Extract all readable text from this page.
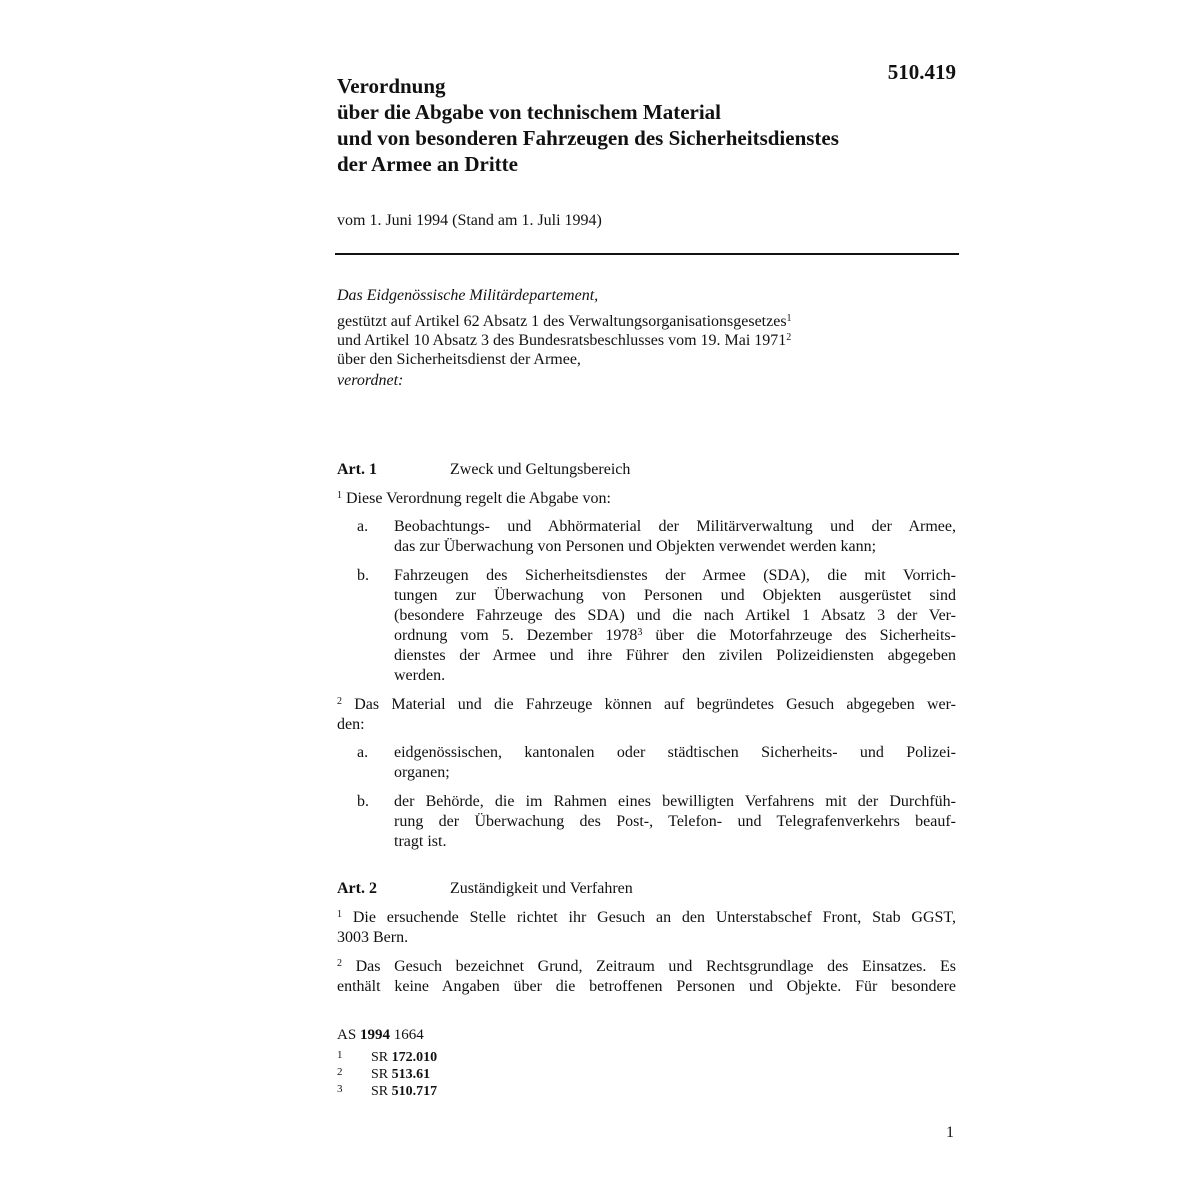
510.419
Verordnung
über die Abgabe von technischem Material
und von besonderen Fahrzeugen des Sicherheitsdienstes
der Armee an Dritte
vom 1. Juni 1994 (Stand am 1. Juli 1994)
Das Eidgenössische Militärdepartement,
gestützt auf Artikel 62 Absatz 1 des Verwaltungsorganisationsgesetzes$^1$
und Artikel 10 Absatz 3 des Bundesratsbeschlusses vom 19. Mai 1971$^2$
über den Sicherheitsdienst der Armee,
verordnet:
Art. 1	Zweck und Geltungsbereich
$^1$ Diese Verordnung regelt die Abgabe von:
a. Beobachtungs- und Abhörmaterial der Militärverwaltung und der Armee,
das zur Überwachung von Personen und Objekten verwendet werden kann;
b. Fahrzeugen des Sicherheitsdienstes der Armee (SDA), die mit Vorrich-
tungen zur Überwachung von Personen und Objekten ausgerüstet sind
(besondere Fahrzeuge des SDA) und die nach Artikel 1 Absatz 3 der Ver-
ordnung vom 5. Dezember 1978$^3$ über die Motorfahrzeuge des Sicherheits-
dienstes der Armee und ihre Führer den zivilen Polizeidiensten abgegeben
werden.
$^2$ Das Material und die Fahrzeuge können auf begründetes Gesuch abgegeben wer-
den:
a. eidgenössischen, kantonalen oder städtischen Sicherheits- und Polizei-
organen;
b. der Behörde, die im Rahmen eines bewilligten Verfahrens mit der Durchfüh-
rung der Überwachung des Post-, Telefon- und Telegrafenverkehrs beauf-
tragt ist.
Art. 2	Zuständigkeit und Verfahren
$^1$ Die ersuchende Stelle richtet ihr Gesuch an den Unterstabschef Front, Stab GGST,
3003 Bern.
$^2$ Das Gesuch bezeichnet Grund, Zeitraum und Rechtsgrundlage des Einsatzes. Es
enthält keine Angaben über die betroffenen Personen und Objekte. Für besondere
AS 1994 1664
1 SR 172.010
2 SR 513.61
3 SR 510.717
1
